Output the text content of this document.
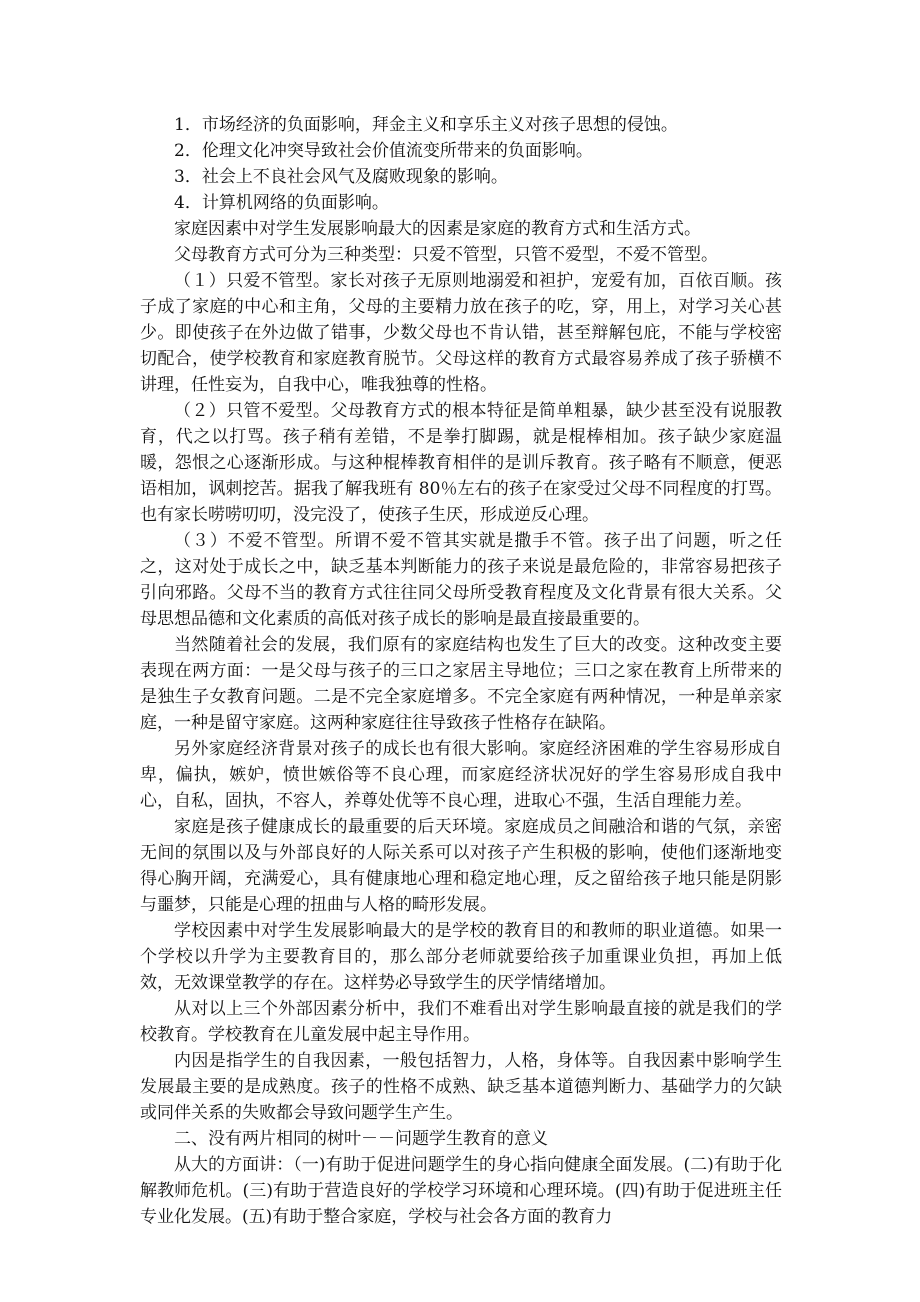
1．市场经济的负面影响，拜金主义和享乐主义对孩子思想的侵蚀。

2．伦理文化冲突导致社会价值流变所带来的负面影响。

3．社会上不良社会风气及腐败现象的影响。

4．计算机网络的负面影响。

家庭因素中对学生发展影响最大的因素是家庭的教育方式和生活方式。

父母教育方式可分为三种类型：只爱不管型，只管不爱型，不爱不管型。

（１）只爱不管型。家长对孩子无原则地溺爱和袒护，宠爱有加，百依百顺。孩子成了家庭的中心和主角，父母的主要精力放在孩子的吃，穿，用上，对学习关心甚少。即使孩子在外边做了错事，少数父母也不肯认错，甚至辩解包庇，不能与学校密切配合，使学校教育和家庭教育脱节。父母这样的教育方式最容易养成了孩子骄横不讲理，任性妄为，自我中心，唯我独尊的性格。

（２）只管不爱型。父母教育方式的根本特征是简单粗暴，缺少甚至没有说服教育，代之以打骂。孩子稍有差错，不是拳打脚踢，就是棍棒相加。孩子缺少家庭温暖，怨恨之心逐渐形成。与这种棍棒教育相伴的是训斥教育。孩子略有不顺意，便恶语相加，讽刺挖苦。据我了解我班有 80％左右的孩子在家受过父母不同程度的打骂。也有家长唠唠叨叨，没完没了，使孩子生厌，形成逆反心理。

（３）不爱不管型。所谓不爱不管其实就是撒手不管。孩子出了问题，听之任之，这对处于成长之中，缺乏基本判断能力的孩子来说是最危险的，非常容易把孩子引向邪路。父母不当的教育方式往往同父母所受教育程度及文化背景有很大关系。父母思想品德和文化素质的高低对孩子成长的影响是最直接最重要的。

当然随着社会的发展，我们原有的家庭结构也发生了巨大的改变。这种改变主要表现在两方面：一是父母与孩子的三口之家居主导地位；三口之家在教育上所带来的是独生子女教育问题。二是不完全家庭增多。不完全家庭有两种情况，一种是单亲家庭，一种是留守家庭。这两种家庭往往导致孩子性格存在缺陷。

另外家庭经济背景对孩子的成长也有很大影响。家庭经济困难的学生容易形成自卑，偏执，嫉妒，愤世嫉俗等不良心理，而家庭经济状况好的学生容易形成自我中心，自私，固执，不容人，养尊处优等不良心理，进取心不强，生活自理能力差。

家庭是孩子健康成长的最重要的后天环境。家庭成员之间融洽和谐的气氛，亲密无间的氛围以及与外部良好的人际关系可以对孩子产生积极的影响，使他们逐渐地变得心胸开阔，充满爱心，具有健康地心理和稳定地心理，反之留给孩子地只能是阴影与噩梦，只能是心理的扭曲与人格的畸形发展。

学校因素中对学生发展影响最大的是学校的教育目的和教师的职业道德。如果一个学校以升学为主要教育目的，那么部分老师就要给孩子加重课业负担，再加上低效，无效课堂教学的存在。这样势必导致学生的厌学情绪增加。

从对以上三个外部因素分析中，我们不难看出对学生影响最直接的就是我们的学校教育。学校教育在儿童发展中起主导作用。

内因是指学生的自我因素，一般包括智力，人格，身体等。自我因素中影响学生发展最主要的是成熟度。孩子的性格不成熟、缺乏基本道德判断力、基础学力的欠缺或同伴关系的失败都会导致问题学生产生。

二、没有两片相同的树叶－－问题学生教育的意义

从大的方面讲：（一)有助于促进问题学生的身心指向健康全面发展。(二)有助于化解教师危机。(三)有助于营造良好的学校学习环境和心理环境。(四)有助于促进班主任专业化发展。(五)有助于整合家庭，学校与社会各方面的教育力
